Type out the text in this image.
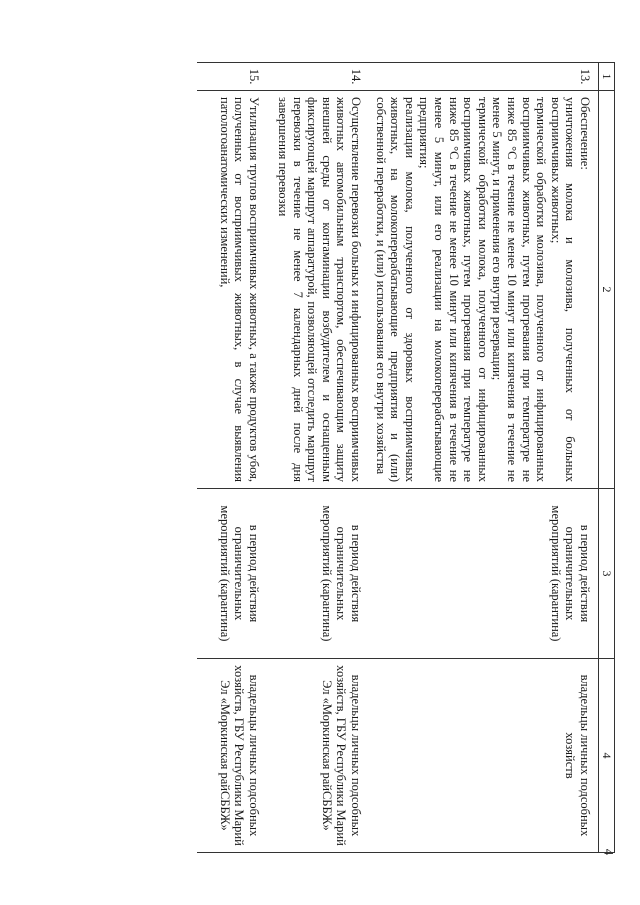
4
1	2	3	4
13.	Обеспечение:
уничтожения молока и молозива, полученных от больных восприимчивых животных;
термической обработки молозива, полученного от инфицированных восприимчивых животных, путем прогревания при температуре не ниже 85 °С в течение не менее 10 минут или кипячения в течение не менее 5 минут, и применения его внутри резервации;
термической обработки молока, полученного от инфицированных восприимчивых животных, путем прогревания при температуре не ниже 85 °С в течение не менее 10 минут или кипячения в течение не менее 5 минут, или его реализации на молокоперерабатывающие предприятия;
реализации молока, полученного от здоровых восприимчивых животных, на молокоперерабатывающие предприятия и (или) собственной переработки, и (или) использования его внутри хозяйства	в период действия ограничительных мероприятий (карантина)	владельцы личных подсобных хозяйств
14.	Осуществление перевозки больных и инфицированных восприимчивых животных автомобильным транспортом, обеспечивающим защиту внешней среды от контаминации возбудителем и оснащенным фиксирующей маршрут аппаратурой, позволяющей отследить маршрут перевозки в течение не менее 7 календарных дней после дня завершения перевозки	в период действия ограничительных мероприятий (карантина)	владельцы личных подсобных хозяйств, ГБУ Республики Марий Эл «Моркинская райСББЖ»
15.	Утилизация трупов восприимчивых животных, а также продуктов убоя, полученных от восприимчивых животных, в случае выявления патологоанатомических изменений,	в период действия ограничительных мероприятий (карантина)	владельцы личных подсобных хозяйств, ГБУ Республики Марий Эл «Моркинская райСББЖ»
